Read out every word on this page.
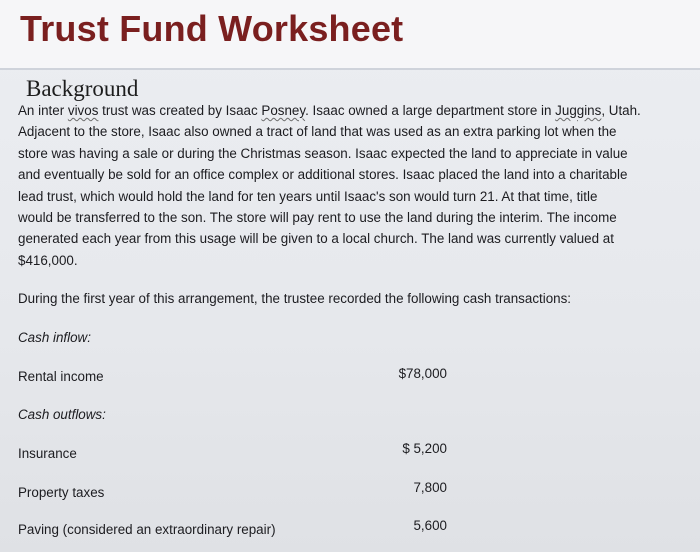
Trust Fund Worksheet
Background
An inter vivos trust was created by Isaac Posney. Isaac owned a large department store in Juggins, Utah.
Adjacent to the store, Isaac also owned a tract of land that was used as an extra parking lot when the
store was having a sale or during the Christmas season. Isaac expected the land to appreciate in value
and eventually be sold for an office complex or additional stores. Isaac placed the land into a charitable
lead trust, which would hold the land for ten years until Isaac's son would turn 21. At that time, title
would be transferred to the son. The store will pay rent to use the land during the interim. The income
generated each year from this usage will be given to a local church. The land was currently valued at
$416,000.
During the first year of this arrangement, the trustee recorded the following cash transactions:
Cash inflow:
Rental income	$78,000
Cash outflows:
Insurance	$ 5,200
Property taxes	7,800
Paving (considered an extraordinary repair)	5,600
